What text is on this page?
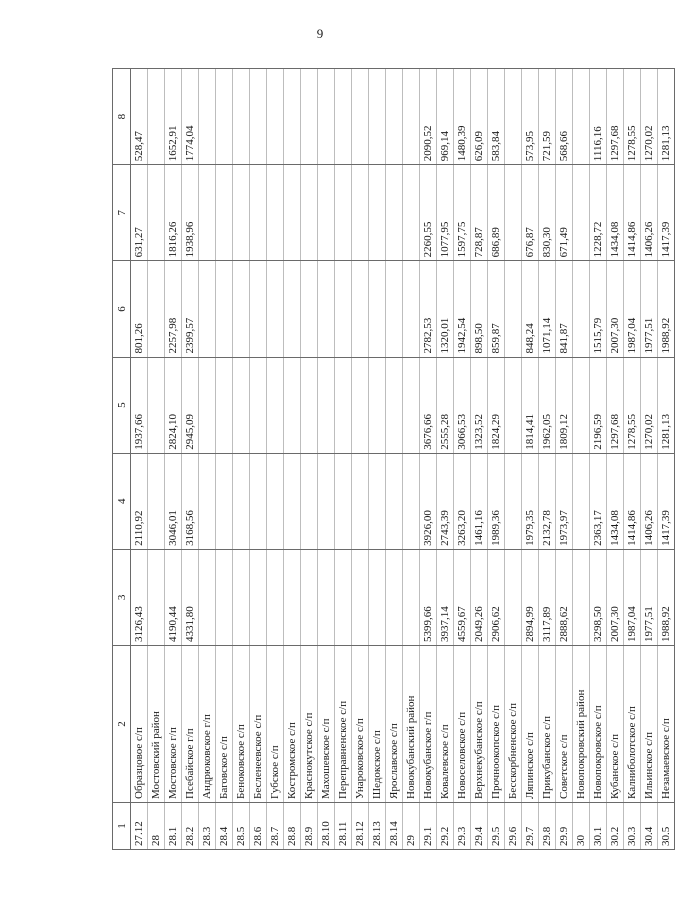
9
1	2	3	4	5	6	7	8
27.12	Образцовое с/п	3126,43	2110,92	1937,66	801,26	631,27	528,47
28	Мостовский район						
28.1	Мостовское г/п	4190,44	3046,01	2824,10	2257,98	1816,26	1652,91
28.2	Псебайское г/п	4331,80	3168,56	2945,09	2399,57	1938,96	1774,04
28.3	Андрюковское г/п						
28.4	Баговское с/п						
28.5	Беноковское с/п						
28.6	Бесленеевское с/п						
28.7	Губское с/п						
28.8	Костромское с/п						
28.9	Краснокутское с/п						
28.10	Махошевское с/п						
28.11	Переправненское с/п						
28.12	Унароковское с/п						
28.13	Шедокское с/п						
28.14	Ярославское с/п						
29	Новокубанский район						
29.1	Новокубанское г/п	5399,66	3926,00	3676,66	2782,53	2260,55	2090,52
29.2	Ковалевское с/п	3937,14	2743,39	2555,28	1320,01	1077,95	969,14
29.3	Новоселовское с/п	4559,67	3263,20	3066,53	1942,54	1597,75	1480,39
29.4	Верхнекубанское с/п	2049,26	1461,16	1323,52	898,50	728,87	626,09
29.5	Прочноокопское с/п	2906,62	1989,36	1824,29	859,87	686,89	583,84
29.6	Бесскорбненское с/п						
29.7	Ляпинское с/п	2894,99	1979,35	1814,41	848,24	676,87	573,95
29.8	Прикубанское с/п	3117,89	2132,78	1962,05	1071,14	830,30	721,59
29.9	Советское с/п	2888,62	1973,97	1809,12	841,87	671,49	568,66
30	Новопокровский район						
30.1	Новопокровское с/п	3298,50	2363,17	2196,59	1515,79	1228,72	1116,16
30.2	Кубанское с/п	2007,30	1434,08	1297,68	2007,30	1434,08	1297,68
30.3	Калниболотское с/п	1987,04	1414,86	1278,55	1987,04	1414,86	1278,55
30.4	Ильинское с/п	1977,51	1406,26	1270,02	1977,51	1406,26	1270,02
30.5	Незамаевское с/п	1988,92	1417,39	1281,13	1988,92	1417,39	1281,13
